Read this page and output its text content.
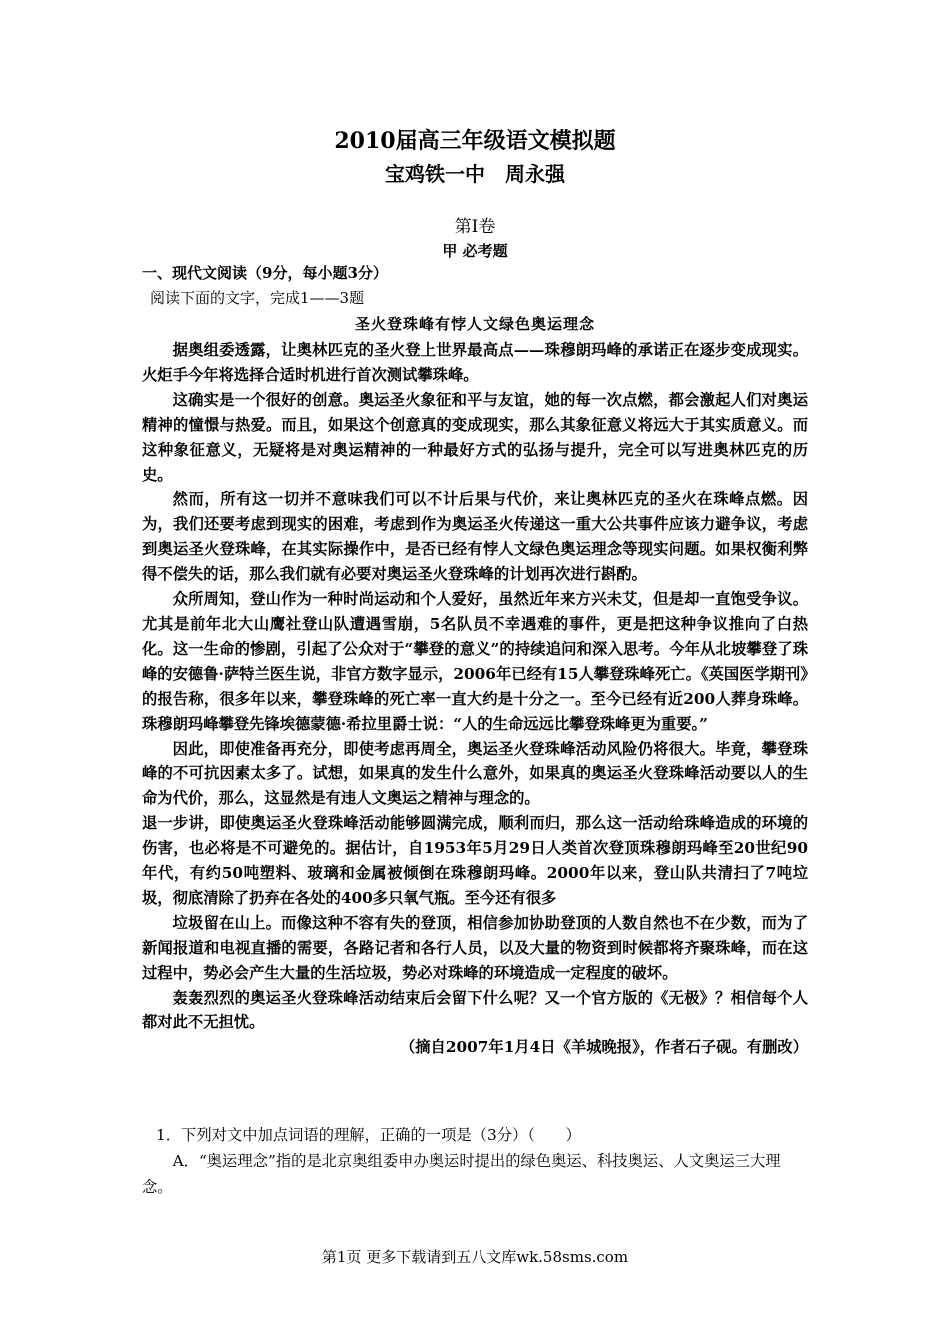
2010届高三年级语文模拟题
宝鸡铁一中　周永强
第Ⅰ卷
甲 必考题
一、现代文阅读（9分，每小题3分）
阅读下面的文字，完成1——3题
圣火登珠峰有悖人文绿色奥运理念

据奥组委透露，让奥林匹克的圣火登上世界最高点——珠穆朗玛峰的承诺正在逐步变成现实。火炬手今年将选择合适时机进行首次测试攀珠峰。

这确实是一个很好的创意。奥运圣火象征和平与友谊，她的每一次点燃，都会激起人们对奥运精神的憧憬与热爱。而且，如果这个创意真的变成现实，那么其象征意义将远大于其实质意义。而这种象征意义，无疑将是对奥运精神的一种最好方式的弘扬与提升，完全可以写进奥林匹克的历史。

然而，所有这一切并不意味我们可以不计后果与代价，来让奥林匹克的圣火在珠峰点燃。因为，我们还要考虑到现实的困难，考虑到作为奥运圣火传递这一重大公共事件应该力避争议，考虑到奥运圣火登珠峰，在其实际操作中，是否已经有悖人文绿色奥运理念等现实问题。如果权衡利弊得不偿失的话，那么我们就有必要对奥运圣火登珠峰的计划再次进行斟酌。

众所周知，登山作为一种时尚运动和个人爱好，虽然近年来方兴未艾，但是却一直饱受争议。尤其是前年北大山鹰社登山队遭遇雪崩，5名队员不幸遇难的事件，更是把这种争议推向了白热化。这一生命的惨剧，引起了公众对于“攀登的意义”的持续追问和深入思考。今年从北坡攀登了珠峰的安德鲁·萨特兰医生说，非官方数字显示，2006年已经有15人攀登珠峰死亡。《英国医学期刊》的报告称，很多年以来，攀登珠峰的死亡率一直大约是十分之一。至今已经有近200人葬身珠峰。珠穆朗玛峰攀登先锋埃德蒙德·希拉里爵士说：“人的生命远远比攀登珠峰更为重要。”

因此，即使准备再充分，即使考虑再周全，奥运圣火登珠峰活动风险仍将很大。毕竟，攀登珠峰的不可抗因素太多了。试想，如果真的发生什么意外，如果真的奥运圣火登珠峰活动要以人的生命为代价，那么，这显然是有违人文奥运之精神与理念的。

退一步讲，即使奥运圣火登珠峰活动能够圆满完成，顺利而归，那么这一活动给珠峰造成的环境的伤害，也必将是不可避免的。据估计，自1953年5月29日人类首次登顶珠穆朗玛峰至20世纪90年代，有约50吨塑料、玻璃和金属被倾倒在珠穆朗玛峰。2000年以来，登山队共清扫了7吨垃圾，彻底清除了扔弃在各处的400多只氧气瓶。至今还有很多

垃圾留在山上。而像这种不容有失的登顶，相信参加协助登顶的人数自然也不在少数，而为了新闻报道和电视直播的需要，各路记者和各行人员，以及大量的物资到时候都将齐聚珠峰，而在这过程中，势必会产生大量的生活垃圾，势必对珠峰的环境造成一定程度的破坏。

轰轰烈烈的奥运圣火登珠峰活动结束后会留下什么呢？又一个官方版的《无极》？相信每个人都对此不无担忧。

（摘自2007年1月4日《羊城晚报》，作者石子砚。有删改）

1．下列对文中加点词语的理解，正确的一项是（3分）（　　）

A．“奥运理念”指的是北京奥组委申办奥运时提出的绿色奥运、科技奥运、人文奥运三大理念。

第1页 更多下载请到五八文库wk.58sms.com
